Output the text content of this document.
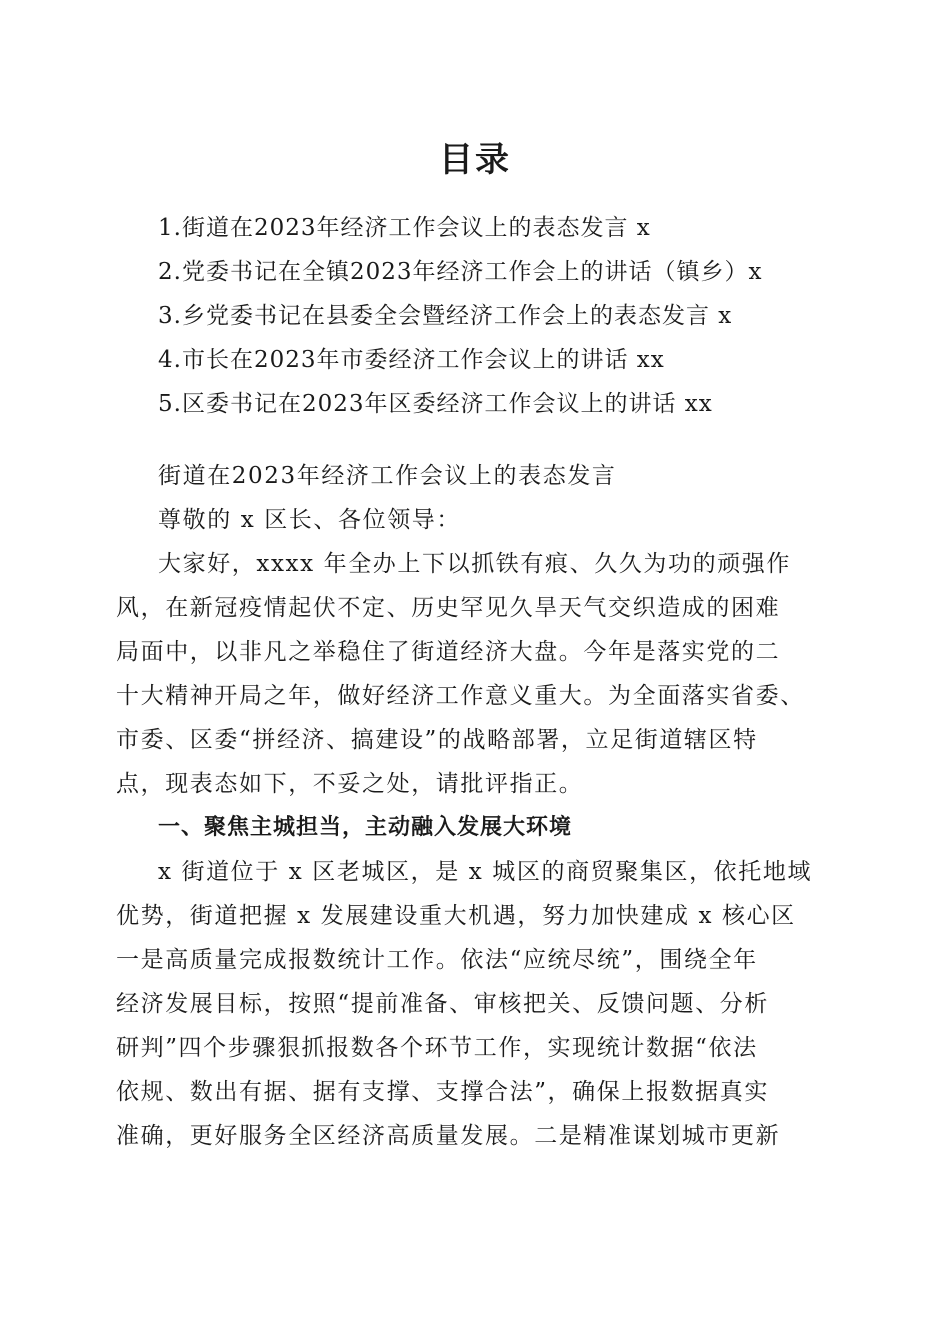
目录
1.街道在2023年经济工作会议上的表态发言 x
2.党委书记在全镇2023年经济工作会上的讲话（镇乡）x
3.乡党委书记在县委全会暨经济工作会上的表态发言 x
4.市长在2023年市委经济工作会议上的讲话 xx
5.区委书记在2023年区委经济工作会议上的讲话 xx
街道在2023年经济工作会议上的表态发言
尊敬的 x 区长、各位领导：
大家好，xxxx 年全办上下以抓铁有痕、久久为功的顽强作
风，在新冠疫情起伏不定、历史罕见久旱天气交织造成的困难
局面中，以非凡之举稳住了街道经济大盘。今年是落实党的二
十大精神开局之年，做好经济工作意义重大。为全面落实省委、
市委、区委“拼经济、搞建设”的战略部署，立足街道辖区特
点，现表态如下，不妥之处，请批评指正。
一、聚焦主城担当，主动融入发展大环境
x 街道位于 x 区老城区，是 x 城区的商贸聚集区，依托地域
优势，街道把握 x 发展建设重大机遇，努力加快建成 x 核心区
一是高质量完成报数统计工作。依法“应统尽统”，围绕全年
经济发展目标，按照“提前准备、审核把关、反馈问题、分析
研判”四个步骤狠抓报数各个环节工作，实现统计数据“依法
依规、数出有据、据有支撑、支撑合法”，确保上报数据真实
准确，更好服务全区经济高质量发展。二是精准谋划城市更新
